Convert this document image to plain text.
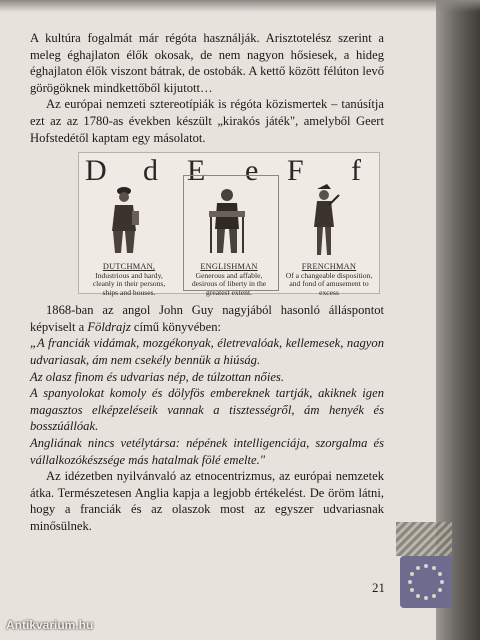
A kultúra fogalmát már régóta használják. Arisztotelész szerint a meleg éghajlaton élők okosak, de nem nagyon hősiesek, a hideg éghajlaton élők viszont bátrak, de ostobák. A kettő között félúton levő görögöknek mindkettőből kijutott…

Az európai nemzeti sztereotípiák is régóta közismertek – tanúsítja ezt az az 1780-as években készült „kirakós játék", amelyből Geert Hofstedétől kaptam egy másolatot.

D d E e F f
DUTCHMAN,
Industrious and hardy, cleanly in their persons, ships and houses.
ENGLISHMAN
Generous and affable, desirous of liberty in the greatest extent.
FRENCHMAN
Of a changeable disposition, and fond of amusement to excess

1868-ban az angol John Guy nagyjából hasonló álláspontot képviselt a Földrajz című könyvében:

„A franciák vidámak, mozgékonyak, életrevalóak, kellemesek, nagyon udvariasak, ám nem csekély bennük a hiúság.

Az olasz finom és udvarias nép, de túlzottan nőies.

A spanyolokat komoly és dölyfös embereknek tartják, akiknek igen magasztos elképzeléseik vannak a tisztességről, ám henyék és bosszúállóak.

Angliának nincs vetélytársa: népének intelligenciája, szorgalma és vállalkozókészsége más hatalmak fölé emelte."

Az idézetben nyilvánvaló az etnocentrizmus, az európai nemzetek átka. Természetesen Anglia kapja a legjobb értékelést. De öröm látni, hogy a franciák és az olaszok most az egyszer udvariasnak minősülnek.

21
Antikvarium.hu
